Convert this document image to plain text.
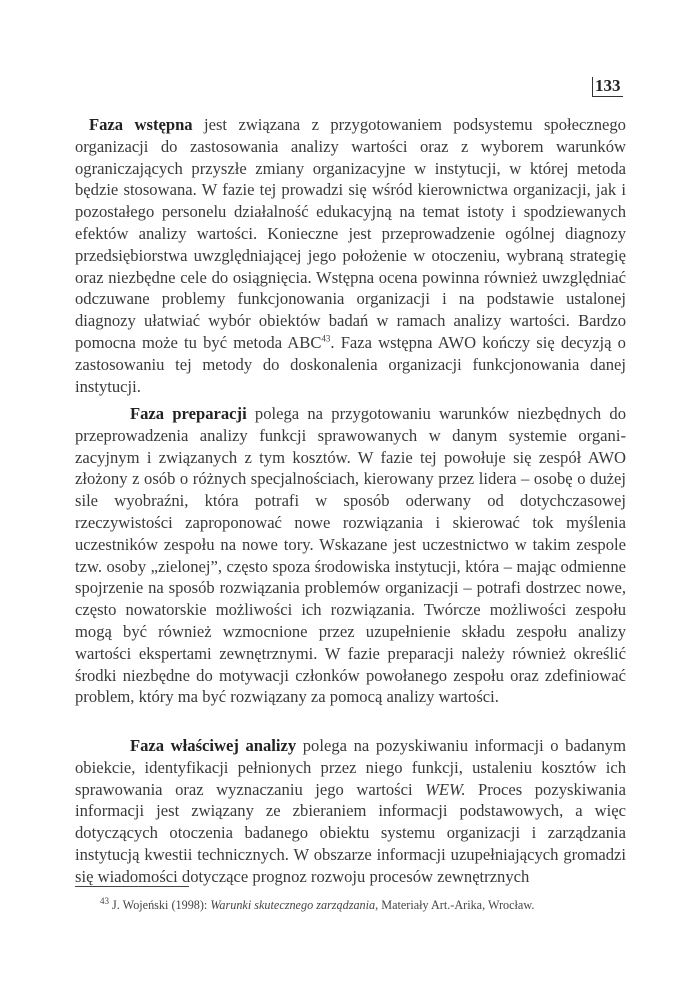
133

Faza wstępna jest związana z przygotowaniem podsystemu społecznego organizacji do zastosowania analizy wartości oraz z wyborem warunków ograniczających przyszłe zmiany organizacyjne w instytucji, w której metoda będzie stosowana. W fazie tej prowadzi się wśród kierownictwa organizacji, jak i pozostałego personelu działalność edukacyjną na temat istoty i spodziewanych efektów analizy wartości. Konieczne jest przeprowadzenie ogólnej diagnozy przedsiębiorstwa uwzględniającej jego położenie w otoczeniu, wybraną strategię oraz niezbędne cele do osiągnięcia. Wstępna ocena powinna również uwzględniać odczuwane problemy funkcjonowania organizacji i na podstawie ustalonej diagnozy ułatwiać wybór obiektów badań w ramach analizy wartości. Bardzo pomocna może tu być metoda ABC$^{43}$. Faza wstępna AWO kończy się decyzją o zastosowaniu tej metody do doskonalenia organizacji funkcjonowania danej instytucji.

Faza preparacji polega na przygotowaniu warunków niezbędnych do przeprowadzenia analizy funkcji sprawowanych w danym systemie organizacyjnym i związanych z tym kosztów. W fazie tej powołuje się zespół AWO złożony z osób o różnych specjalnościach, kierowany przez lidera – osobę o dużej sile wyobraźni, która potrafi w sposób oderwany od dotychczasowej rzeczywistości zaproponować nowe rozwiązania i skierować tok myślenia uczestników zespołu na nowe tory. Wskazane jest uczestnictwo w takim zespole tzw. osoby „zielonej”, często spoza środowiska instytucji, która – mając odmienne spojrzenie na sposób rozwiązania problemów organizacji – potrafi dostrzec nowe, często nowatorskie możliwości ich rozwiązania. Twórcze możliwości zespołu mogą być również wzmocnione przez uzupełnienie składu zespołu analizy wartości ekspertami zewnętrznymi. W fazie preparacji należy również określić środki niezbędne do motywacji członków powołanego zespołu oraz zdefiniować problem, który ma być rozwiązany za pomocą analizy wartości.

Faza właściwej analizy polega na pozyskiwaniu informacji o badanym obiekcie, identyfikacji pełnionych przez niego funkcji, ustaleniu kosztów ich sprawowania oraz wyznaczaniu jego wartości WEW. Proces pozyskiwania informacji jest związany ze zbieraniem informacji podstawowych, a więc dotyczących otoczenia badanego obiektu systemu organizacji i zarządzania instytucją kwestii technicznych. W obszarze informacji uzupełniających gromadzi się wiadomości dotyczące prognoz rozwoju procesów zewnętrznych

$^{43}$ J. Wojeński (1998): Warunki skutecznego zarządzania, Materiały Art.-Arika, Wrocław.
